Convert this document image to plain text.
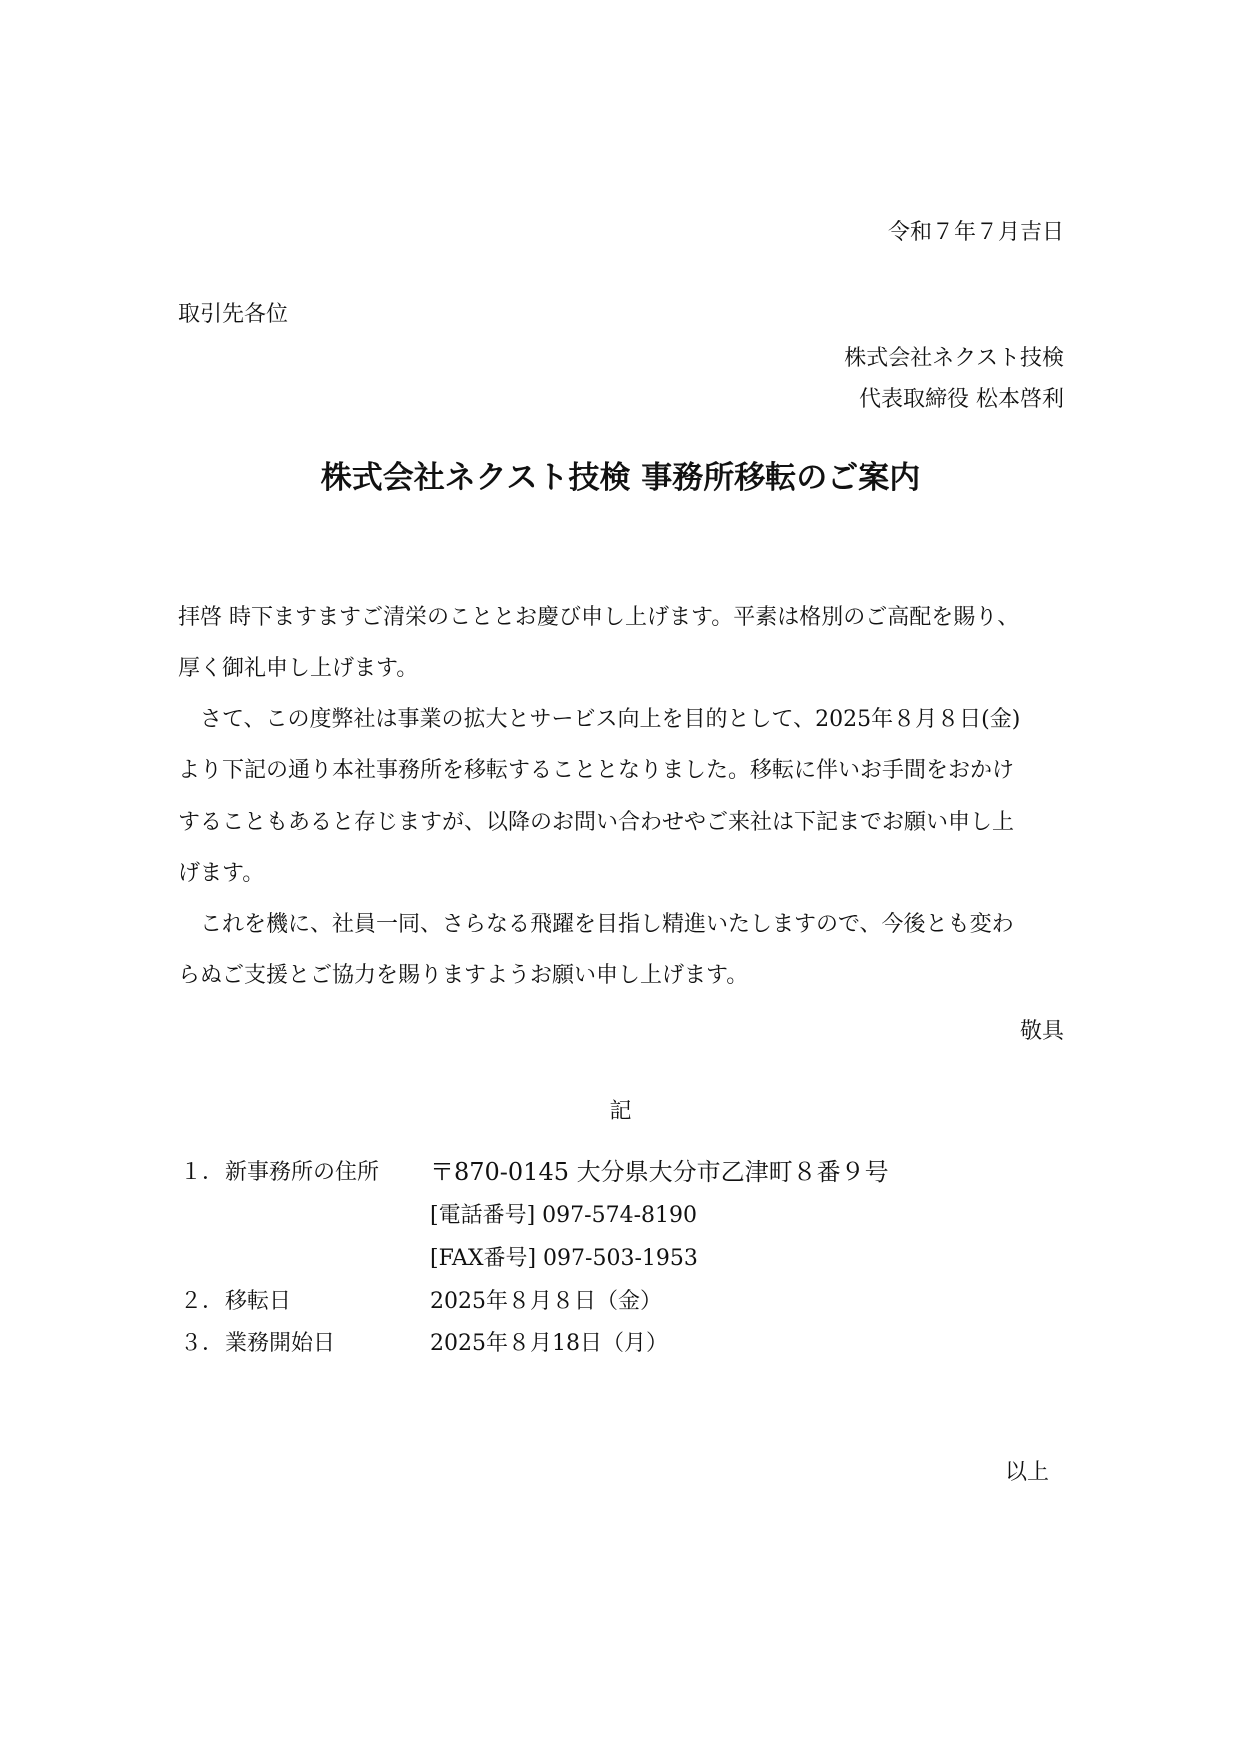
令和７年７月吉日
取引先各位
株式会社ネクスト技検
代表取締役 松本啓利
株式会社ネクスト技検 事務所移転のご案内
拝啓 時下ますますご清栄のこととお慶び申し上げます。平素は格別のご高配を賜り、
厚く御礼申し上げます。
さて、この度弊社は事業の拡大とサービス向上を目的として、2025年８月８日(金)
より下記の通り本社事務所を移転することとなりました。移転に伴いお手間をおかけ
することもあると存じますが、以降のお問い合わせやご来社は下記までお願い申し上
げます。
これを機に、社員一同、さらなる飛躍を目指し精進いたしますので、今後とも変わ
らぬご支援とご協力を賜りますようお願い申し上げます。
敬具
記
１． 新事務所の住所 〒870-0145 大分県大分市乙津町８番９号
[電話番号] 097-574-8190
[FAX番号] 097-503-1953
２． 移転日	2025年８月８日（金）
３． 業務開始日	2025年８月18日（月）
以上
